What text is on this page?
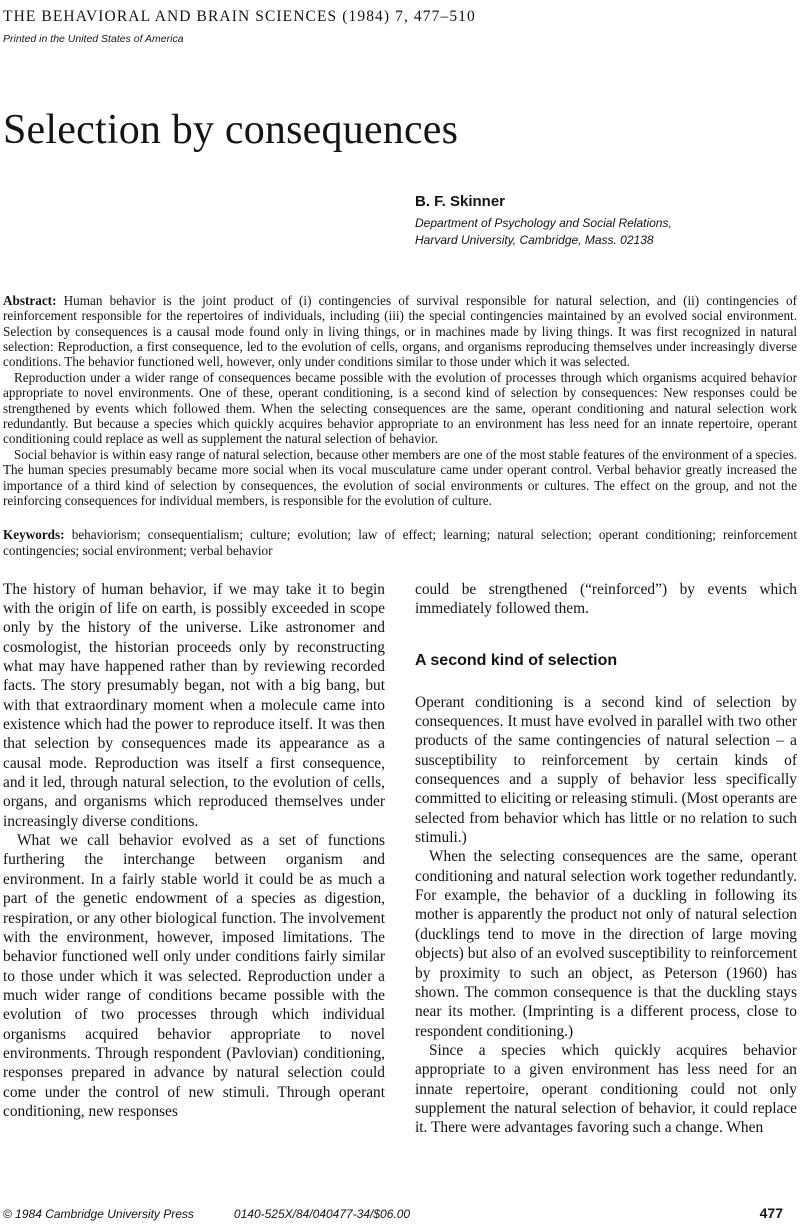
THE BEHAVIORAL AND BRAIN SCIENCES (1984) 7, 477–510
Printed in the United States of America
Selection by consequences
B. F. Skinner
Department of Psychology and Social Relations,
Harvard University, Cambridge, Mass. 02138

Abstract: Human behavior is the joint product of (i) contingencies of survival responsible for natural selection, and (ii) contingencies of reinforcement responsible for the repertoires of individuals, including (iii) the special contingencies maintained by an evolved social environment. Selection by consequences is a causal mode found only in living things, or in machines made by living things. It was first recognized in natural selection: Reproduction, a first consequence, led to the evolution of cells, organs, and organisms reproducing themselves under increasingly diverse conditions. The behavior functioned well, however, only under conditions similar to those under which it was selected.

Reproduction under a wider range of consequences became possible with the evolution of processes through which organisms acquired behavior appropriate to novel environments. One of these, operant conditioning, is a second kind of selection by consequences: New responses could be strengthened by events which followed them. When the selecting consequences are the same, operant conditioning and natural selection work redundantly. But because a species which quickly acquires behavior appropriate to an environment has less need for an innate repertoire, operant conditioning could replace as well as supplement the natural selection of behavior.

Social behavior is within easy range of natural selection, because other members are one of the most stable features of the environment of a species. The human species presumably became more social when its vocal musculature came under operant control. Verbal behavior greatly increased the importance of a third kind of selection by consequences, the evolution of social environments or cultures. The effect on the group, and not the reinforcing consequences for individual members, is responsible for the evolution of culture.

Keywords: behaviorism; consequentialism; culture; evolution; law of effect; learning; natural selection; operant conditioning; reinforcement contingencies; social environment; verbal behavior

The history of human behavior, if we may take it to begin with the origin of life on earth, is possibly exceeded in scope only by the history of the universe. Like astronomer and cosmologist, the historian proceeds only by reconstructing what may have happened rather than by reviewing recorded facts. The story presumably began, not with a big bang, but with that extraordinary moment when a molecule came into existence which had the power to reproduce itself. It was then that selection by consequences made its appearance as a causal mode. Reproduction was itself a first consequence, and it led, through natural selection, to the evolution of cells, organs, and organisms which reproduced themselves under increasingly diverse conditions.

What we call behavior evolved as a set of functions furthering the interchange between organism and environment. In a fairly stable world it could be as much a part of the genetic endowment of a species as digestion, respiration, or any other biological function. The involvement with the environment, however, imposed limitations. The behavior functioned well only under conditions fairly similar to those under which it was selected. Reproduction under a much wider range of conditions became possible with the evolution of two processes through which individual organisms acquired behavior appropriate to novel environments. Through respondent (Pavlovian) conditioning, responses prepared in advance by natural selection could come under the control of new stimuli. Through operant conditioning, new responses

could be strengthened (“reinforced”) by events which immediately followed them.

A second kind of selection

Operant conditioning is a second kind of selection by consequences. It must have evolved in parallel with two other products of the same contingencies of natural selection – a susceptibility to reinforcement by certain kinds of consequences and a supply of behavior less specifically committed to eliciting or releasing stimuli. (Most operants are selected from behavior which has little or no relation to such stimuli.)

When the selecting consequences are the same, operant conditioning and natural selection work together redundantly. For example, the behavior of a duckling in following its mother is apparently the product not only of natural selection (ducklings tend to move in the direction of large moving objects) but also of an evolved susceptibility to reinforcement by proximity to such an object, as Peterson (1960) has shown. The common consequence is that the duckling stays near its mother. (Imprinting is a different process, close to respondent conditioning.)

Since a species which quickly acquires behavior appropriate to a given environment has less need for an innate repertoire, operant conditioning could not only supplement the natural selection of behavior, it could replace it. There were advantages favoring such a change. When

© 1984 Cambridge University Press	0140-525X/84/040477-34/$06.00	477
